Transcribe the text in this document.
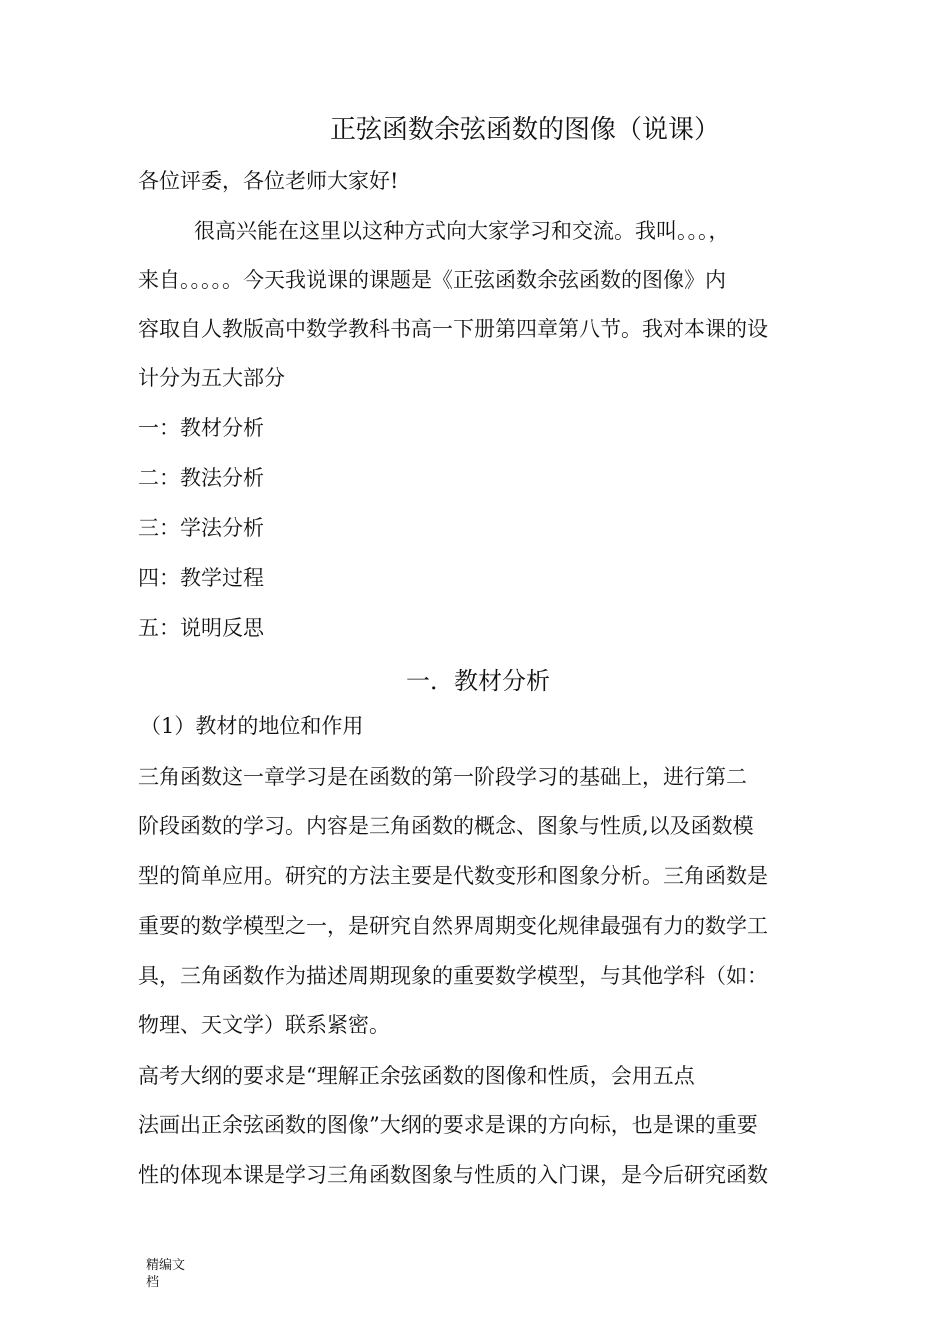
正弦函数余弦函数的图像（说课）
各位评委，各位老师大家好!
很高兴能在这里以这种方式向大家学习和交流。我叫。。。，
来自。。。。。今天我说课的课题是《正弦函数余弦函数的图像》内
容取自人教版高中数学教科书高一下册第四章第八节。我对本课的设
计分为五大部分
一：教材分析
二：教法分析
三：学法分析
四：教学过程
五：说明反思
一．教材分析
（1）教材的地位和作用
三角函数这一章学习是在函数的第一阶段学习的基础上，进行第二
阶段函数的学习。内容是三角函数的概念、图象与性质,以及函数模
型的简单应用。研究的方法主要是代数变形和图象分析。三角函数是
重要的数学模型之一，是研究自然界周期变化规律最强有力的数学工
具，三角函数作为描述周期现象的重要数学模型，与其他学科（如：
物理、天文学）联系紧密。
高考大纲的要求是“理解正余弦函数的图像和性质，会用五点
法画出正余弦函数的图像”大纲的要求是课的方向标，也是课的重要
性的体现本课是学习三角函数图象与性质的入门课，是今后研究函数
精编文
档
